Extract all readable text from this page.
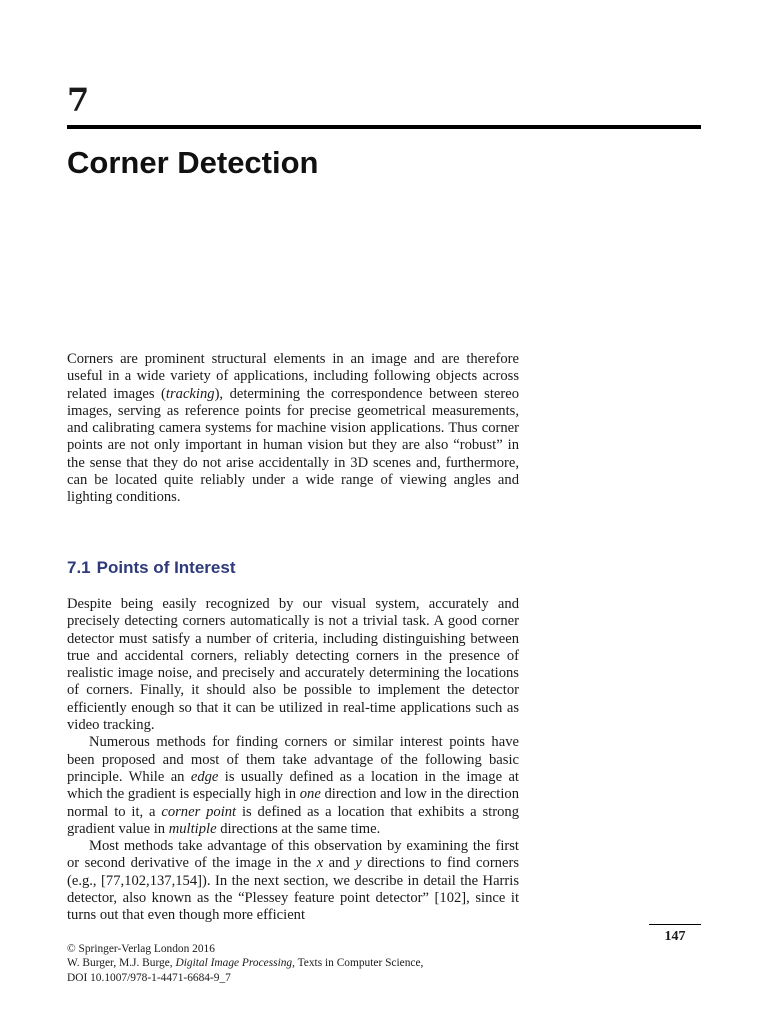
7
Corner Detection

Corners are prominent structural elements in an image and are therefore useful in a wide variety of applications, including following objects across related images (tracking), determining the correspondence between stereo images, serving as reference points for precise geometrical measurements, and calibrating camera systems for machine vision applications. Thus corner points are not only important in human vision but they are also “robust” in the sense that they do not arise accidentally in 3D scenes and, furthermore, can be located quite reliably under a wide range of viewing angles and lighting conditions.

7.1 Points of Interest

Despite being easily recognized by our visual system, accurately and precisely detecting corners automatically is not a trivial task. A good corner detector must satisfy a number of criteria, including distinguishing between true and accidental corners, reliably detecting corners in the presence of realistic image noise, and precisely and accurately determining the locations of corners. Finally, it should also be possible to implement the detector efficiently enough so that it can be utilized in real-time applications such as video tracking.

Numerous methods for finding corners or similar interest points have been proposed and most of them take advantage of the following basic principle. While an edge is usually defined as a location in the image at which the gradient is especially high in one direction and low in the direction normal to it, a corner point is defined as a location that exhibits a strong gradient value in multiple directions at the same time.

Most methods take advantage of this observation by examining the first or second derivative of the image in the x and y directions to find corners (e.g., [77,102,137,154]). In the next section, we describe in detail the Harris detector, also known as the “Plessey feature point detector” [102], since it turns out that even though more efficient

147

© Springer-Verlag London 2016
W. Burger, M.J. Burge, Digital Image Processing, Texts in Computer Science,
DOI 10.1007/978-1-4471-6684-9_7
